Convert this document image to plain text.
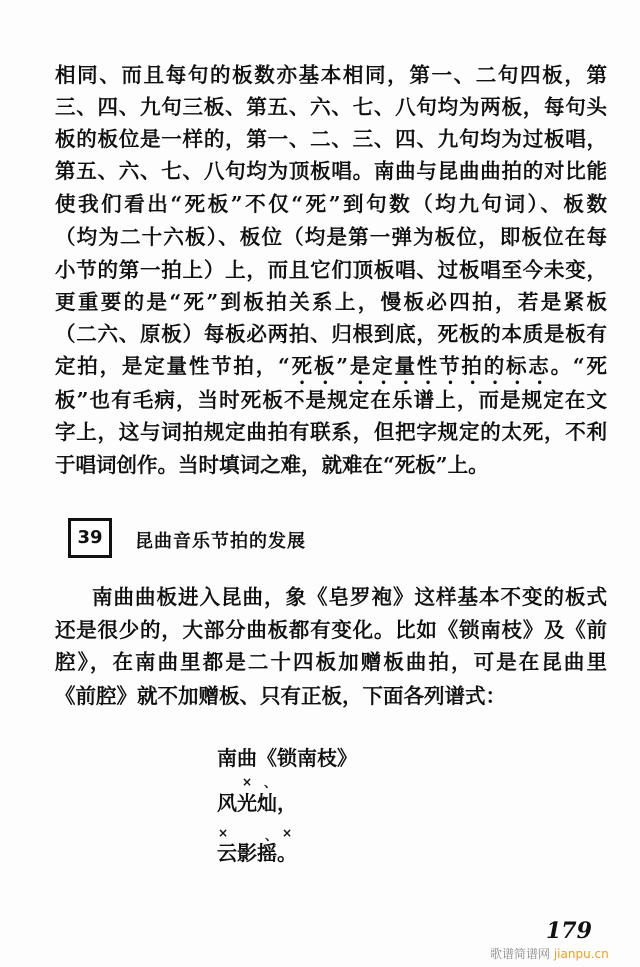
相同、而且每句的板数亦基本相同，第一、二句四板，第
三、四、九句三板、第五、六、七、八句均为两板，每句头
板的板位是一样的，第一、二、三、四、九句均为过板唱，
第五、六、七、八句均为顶板唱。南曲与昆曲曲拍的对比能
使我们看出“死板”不仅“死”到句数（均九句词）、板数
（均为二十六板）、板位（均是第一弹为板位，即板位在每
小节的第一拍上）上，而且它们顶板唱、过板唱至今未变，
更重要的是“死”到板拍关系上，慢板必四拍，若是紧板
（二六、原板）每板必两拍、归根到底，死板的本质是板有
定拍，是定量性节拍，“死板”是定量性节拍的标志。“死
板”也有毛病，当时死板不是规定在乐谱上，而是规定在文
字上，这与词拍规定曲拍有联系，但把字规定的太死，不利
于唱词创作。当时填词之难，就难在“死板”上。
39	昆曲音乐节拍的发展
南曲曲板进入昆曲，象《皂罗袍》这样基本不变的板式
还是很少的，大部分曲板都有变化。比如《锁南枝》及《前
腔》，在南曲里都是二十四板加赠板曲拍，可是在昆曲里
《前腔》就不加赠板、只有正板，下面各列谱式：
南曲《锁南枝》
× 、
风光灿，
×	×
、
云影摇。
179
歌谱简谱网 jianpu.cn
